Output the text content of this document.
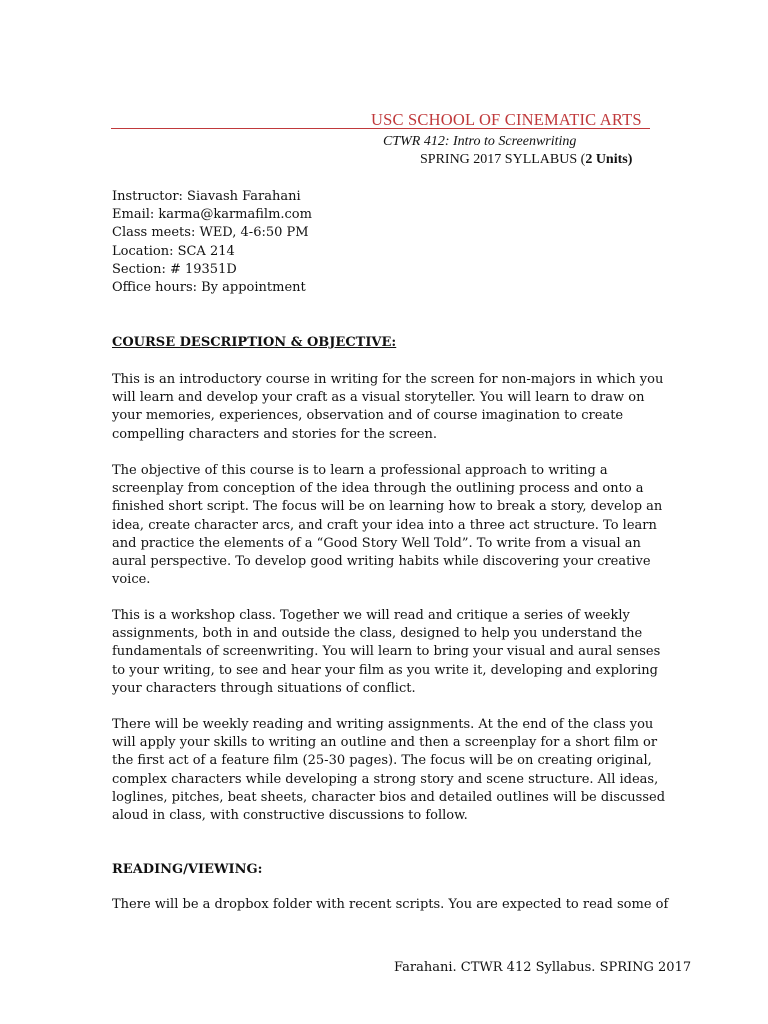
USC SCHOOL OF CINEMATIC ARTS
CTWR 412: Intro to Screenwriting
SPRING 2017 SYLLABUS (2 Units)
Instructor: Siavash Farahani
Email: karma@karmafilm.com
Class meets: WED, 4-6:50 PM
Location: SCA 214
Section: # 19351D
Office hours: By appointment
COURSE DESCRIPTION & OBJECTIVE:
This is an introductory course in writing for the screen for non-majors in which you
will learn and develop your craft as a visual storyteller. You will learn to draw on
your memories, experiences, observation and of course imagination to create
compelling characters and stories for the screen.
The objective of this course is to learn a professional approach to writing a
screenplay from conception of the idea through the outlining process and onto a
finished short script. The focus will be on learning how to break a story, develop an
idea, create character arcs, and craft your idea into a three act structure. To learn
and practice the elements of a “Good Story Well Told”. To write from a visual an
aural perspective. To develop good writing habits while discovering your creative
voice.
This is a workshop class. Together we will read and critique a series of weekly
assignments, both in and outside the class, designed to help you understand the
fundamentals of screenwriting. You will learn to bring your visual and aural senses
to your writing, to see and hear your film as you write it, developing and exploring
your characters through situations of conflict.
There will be weekly reading and writing assignments. At the end of the class you
will apply your skills to writing an outline and then a screenplay for a short film or
the first act of a feature film (25-30 pages). The focus will be on creating original,
complex characters while developing a strong story and scene structure. All ideas,
loglines, pitches, beat sheets, character bios and detailed outlines will be discussed
aloud in class, with constructive discussions to follow.
READING/VIEWING:
There will be a dropbox folder with recent scripts. You are expected to read some of
Farahani. CTWR 412 Syllabus. SPRING 2017
